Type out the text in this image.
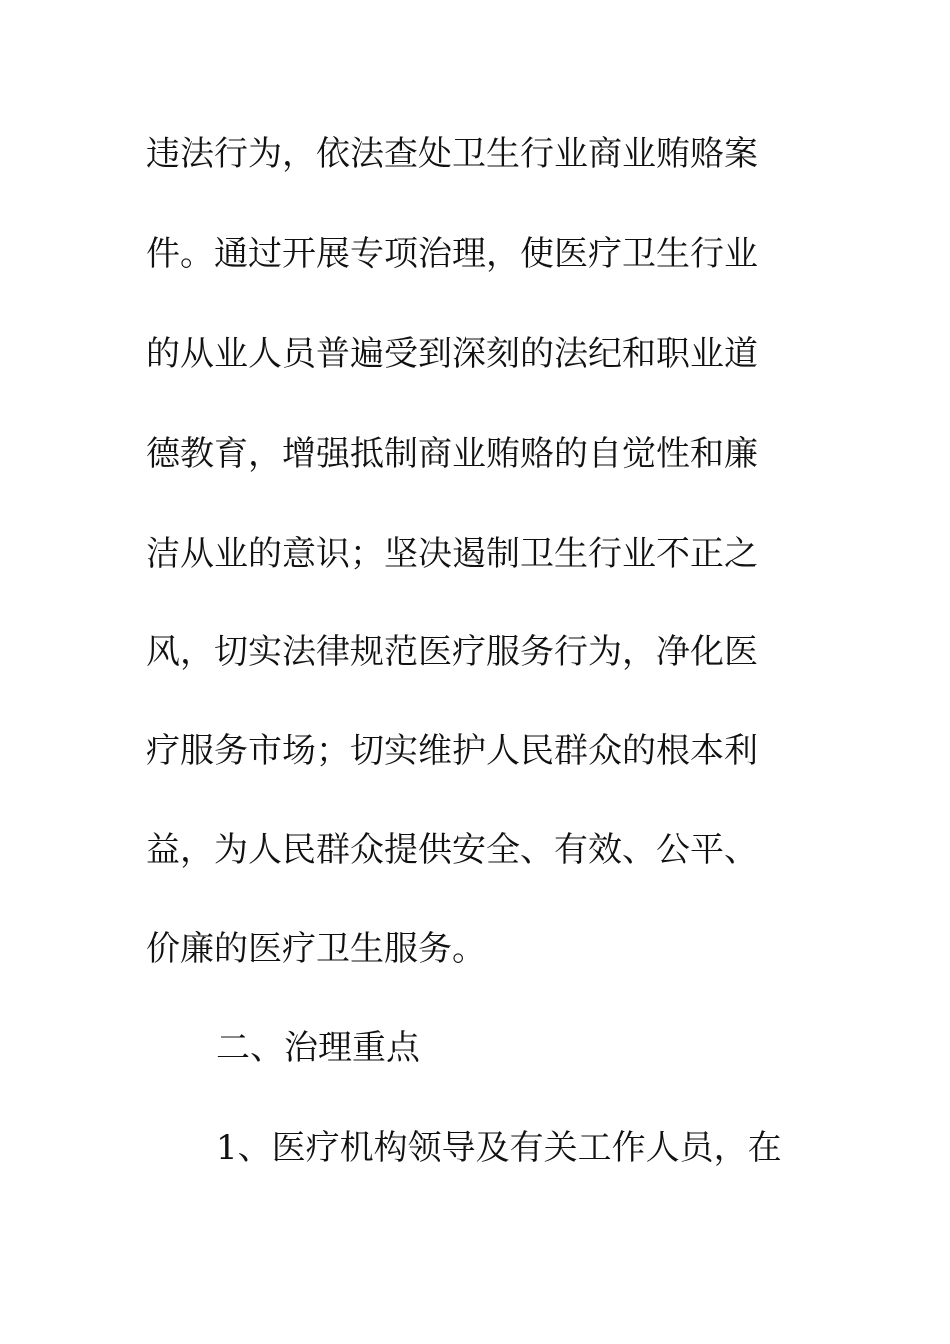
违法行为，依法查处卫生行业商业贿赂案

件。通过开展专项治理，使医疗卫生行业

的从业人员普遍受到深刻的法纪和职业道

德教育，增强抵制商业贿赂的自觉性和廉

洁从业的意识；坚决遏制卫生行业不正之

风，切实法律规范医疗服务行为，净化医

疗服务市场；切实维护人民群众的根本利

益，为人民群众提供安全、有效、公平、

价廉的医疗卫生服务。

二、治理重点

1、医疗机构领导及有关工作人员，在
